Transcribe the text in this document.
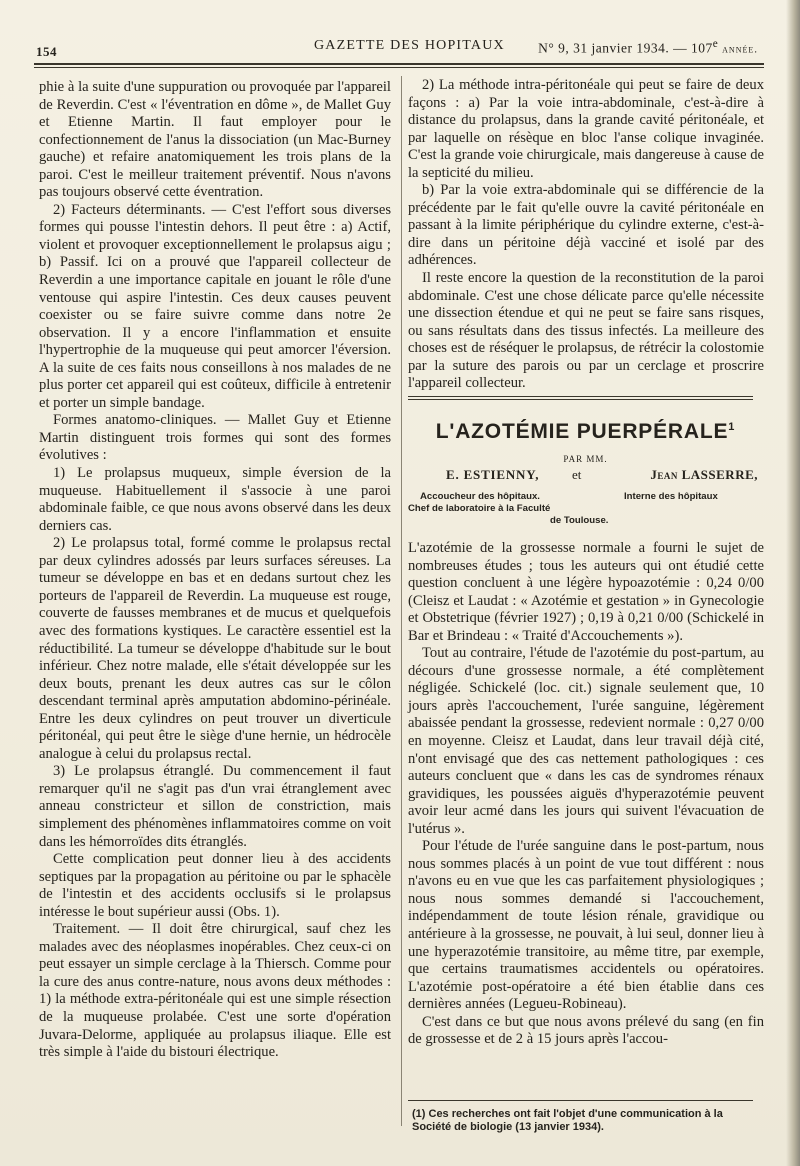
154	GAZETTE DES HOPITAUX N° 9, 31 janvier 1934. — 107e année.

phie à la suite d'une suppuration ou provoquée par l'appareil de Reverdin. C'est « l'éventration en dôme », de Mallet Guy et Etienne Martin. Il faut employer pour le confectionnement de l'anus la dissociation (un Mac-Burney gauche) et refaire anatomiquement les trois plans de la paroi. C'est le meilleur traitement préventif. Nous n'avons pas toujours observé cette éventration.

2) Facteurs déterminants. — C'est l'effort sous diverses formes qui pousse l'intestin dehors. Il peut être : a) Actif, violent et provoquer exceptionnellement le prolapsus aigu ; b) Passif. Ici on a prouvé que l'appareil collecteur de Reverdin a une importance capitale en jouant le rôle d'une ventouse qui aspire l'intestin. Ces deux causes peuvent coexister ou se faire suivre comme dans notre 2e observation. Il y a encore l'inflammation et ensuite l'hypertrophie de la muqueuse qui peut amorcer l'éversion. A la suite de ces faits nous conseillons à nos malades de ne plus porter cet appareil qui est coûteux, difficile à entretenir et porter un simple bandage.

Formes anatomo-cliniques. — Mallet Guy et Etienne Martin distinguent trois formes qui sont des formes évolutives :

1) Le prolapsus muqueux, simple éversion de la muqueuse. Habituellement il s'associe à une paroi abdominale faible, ce que nous avons observé dans les deux derniers cas.

2) Le prolapsus total, formé comme le prolapsus rectal par deux cylindres adossés par leurs surfaces séreuses. La tumeur se développe en bas et en dedans surtout chez les porteurs de l'appareil de Reverdin. La muqueuse est rouge, couverte de fausses membranes et de mucus et quelquefois avec des formations kystiques. Le caractère essentiel est la réductibilité. La tumeur se développe d'habitude sur le bout inférieur. Chez notre malade, elle s'était développée sur les deux bouts, prenant les deux autres cas sur le côlon descendant terminal après amputation abdomino-périnéale. Entre les deux cylindres on peut trouver un diverticule péritonéal, qui peut être le siège d'une hernie, un hédrocèle analogue à celui du prolapsus rectal.

3) Le prolapsus étranglé. Du commencement il faut remarquer qu'il ne s'agit pas d'un vrai étranglement avec anneau constricteur et sillon de constriction, mais simplement des phénomènes inflammatoires comme on voit dans les hémorroïdes dits étranglés.

Cette complication peut donner lieu à des accidents septiques par la propagation au péritoine ou par le sphacèle de l'intestin et des accidents occlusifs si le prolapsus intéresse le bout supérieur aussi (Obs. 1).

Traitement. — Il doit être chirurgical, sauf chez les malades avec des néoplasmes inopérables. Chez ceux-ci on peut essayer un simple cerclage à la Thiersch. Comme pour la cure des anus contre-nature, nous avons deux méthodes : 1) la méthode extra-péritonéale qui est une simple résection de la muqueuse prolabée. C'est une sorte d'opération Juvara-Delorme, appliquée au prolapsus iliaque. Elle est très simple à l'aide du bistouri électrique.

2) La méthode intra-péritonéale qui peut se faire de deux façons : a) Par la voie intra-abdominale, c'est-à-dire à distance du prolapsus, dans la grande cavité péritonéale, et par laquelle on résèque en bloc l'anse colique invaginée. C'est la grande voie chirurgicale, mais dangereuse à cause de la septicité du milieu.

b) Par la voie extra-abdominale qui se différencie de la précédente par le fait qu'elle ouvre la cavité péritonéale en passant à la limite périphérique du cylindre externe, c'est-à-dire dans un péritoine déjà vacciné et isolé par des adhérences.

Il reste encore la question de la reconstitution de la paroi abdominale. C'est une chose délicate parce qu'elle nécessite une dissection étendue et qui ne peut se faire sans risques, ou sans résultats dans des tissus infectés. La meilleure des choses est de réséquer le prolapsus, de rétrécir la colostomie par la suture des parois ou par un cerclage et proscrire l'appareil collecteur.

L'AZOTÉMIE PUERPÉRALE$^1$
PAR MM.
E. ESTIENNY,	et	Jean LASSERRE,
Accoucheur des hôpitaux.
Chef de laboratoire à la Faculté
de Toulouse.
Interne des hôpitaux

L'azotémie de la grossesse normale a fourni le sujet de nombreuses études ; tous les auteurs qui ont étudié cette question concluent à une légère hypoazotémie : 0,24 0/00 (Cleisz et Laudat : « Azotémie et gestation » in Gynecologie et Obstetrique (février 1927) ; 0,19 à 0,21 0/00 (Schickelé in Bar et Brindeau : « Traité d'Accouchements »).

Tout au contraire, l'étude de l'azotémie du post-partum, au décours d'une grossesse normale, a été complètement négligée. Schickelé (loc. cit.) signale seulement que, 10 jours après l'accouchement, l'urée sanguine, légèrement abaissée pendant la grossesse, redevient normale : 0,27 0/00 en moyenne. Cleisz et Laudat, dans leur travail déjà cité, n'ont envisagé que des cas nettement pathologiques : ces auteurs concluent que « dans les cas de syndromes rénaux gravidiques, les poussées aiguës d'hyperazotémie peuvent avoir leur acmé dans les jours qui suivent l'évacuation de l'utérus ».

Pour l'étude de l'urée sanguine dans le post-partum, nous nous sommes placés à un point de vue tout différent : nous n'avons eu en vue que les cas parfaitement physiologiques ; nous nous sommes demandé si l'accouchement, indépendamment de toute lésion rénale, gravidique ou antérieure à la grossesse, ne pouvait, à lui seul, donner lieu à une hyperazotémie transitoire, au même titre, par exemple, que certains traumatismes accidentels ou opératoires. L'azotémie post-opératoire a été bien établie dans ces dernières années (Legueu-Robineau).

C'est dans ce but que nous avons prélevé du sang (en fin de grossesse et de 2 à 15 jours après l'accou-

(1) Ces recherches ont fait l'objet d'une communication à la Société de biologie (13 janvier 1934).
